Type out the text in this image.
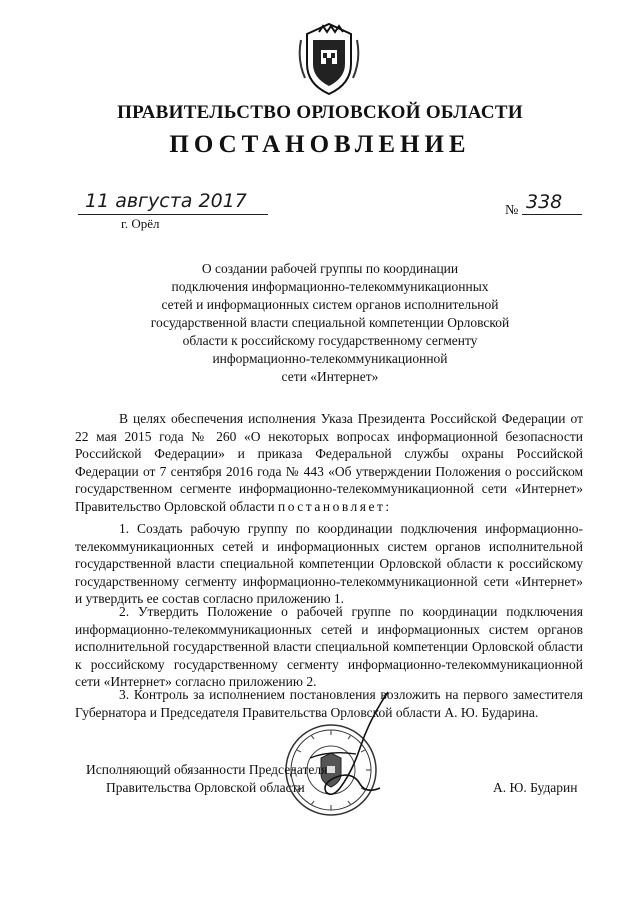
ПРАВИТЕЛЬСТВО ОРЛОВСКОЙ ОБЛАСТИ
ПОСТАНОВЛЕНИЕ
11 августа 2017
г. Орёл
№ 338
О создании рабочей группы по координации
подключения информационно-телекоммуникационных
сетей и информационных систем органов исполнительной
государственной власти специальной компетенции Орловской
области к российскому государственному сегменту
информационно-телекоммуникационной
сети «Интернет»

В целях обеспечения исполнения Указа Президента Российской Федерации от 22 мая 2015 года № 260 «О некоторых вопросах информационной безопасности Российской Федерации» и приказа Федеральной службы охраны Российской Федерации от 7 сентября 2016 года № 443 «Об утверждении Положения о российском государственном сегменте информационно-телекоммуникационной сети «Интернет» Правительство Орловской области постановляет:

1. Создать рабочую группу по координации подключения информационно-телекоммуникационных сетей и информационных систем органов исполнительной государственной власти специальной компетенции Орловской области к российскому государственному сегменту информационно-телекоммуникационной сети «Интернет» и утвердить ее состав согласно приложению 1.

2. Утвердить Положение о рабочей группе по координации подключения информационно-телекоммуникационных сетей и информационных систем органов исполнительной государственной власти специальной компетенции Орловской области к российскому государственному сегменту информационно-телекоммуникационной сети «Интернет» согласно приложению 2.

3. Контроль за исполнением постановления возложить на первого заместителя Губернатора и Председателя Правительства Орловской области А. Ю. Бударина.

Исполняющий обязанности Председателя
Правительства Орловской области	А. Ю. Бударин
